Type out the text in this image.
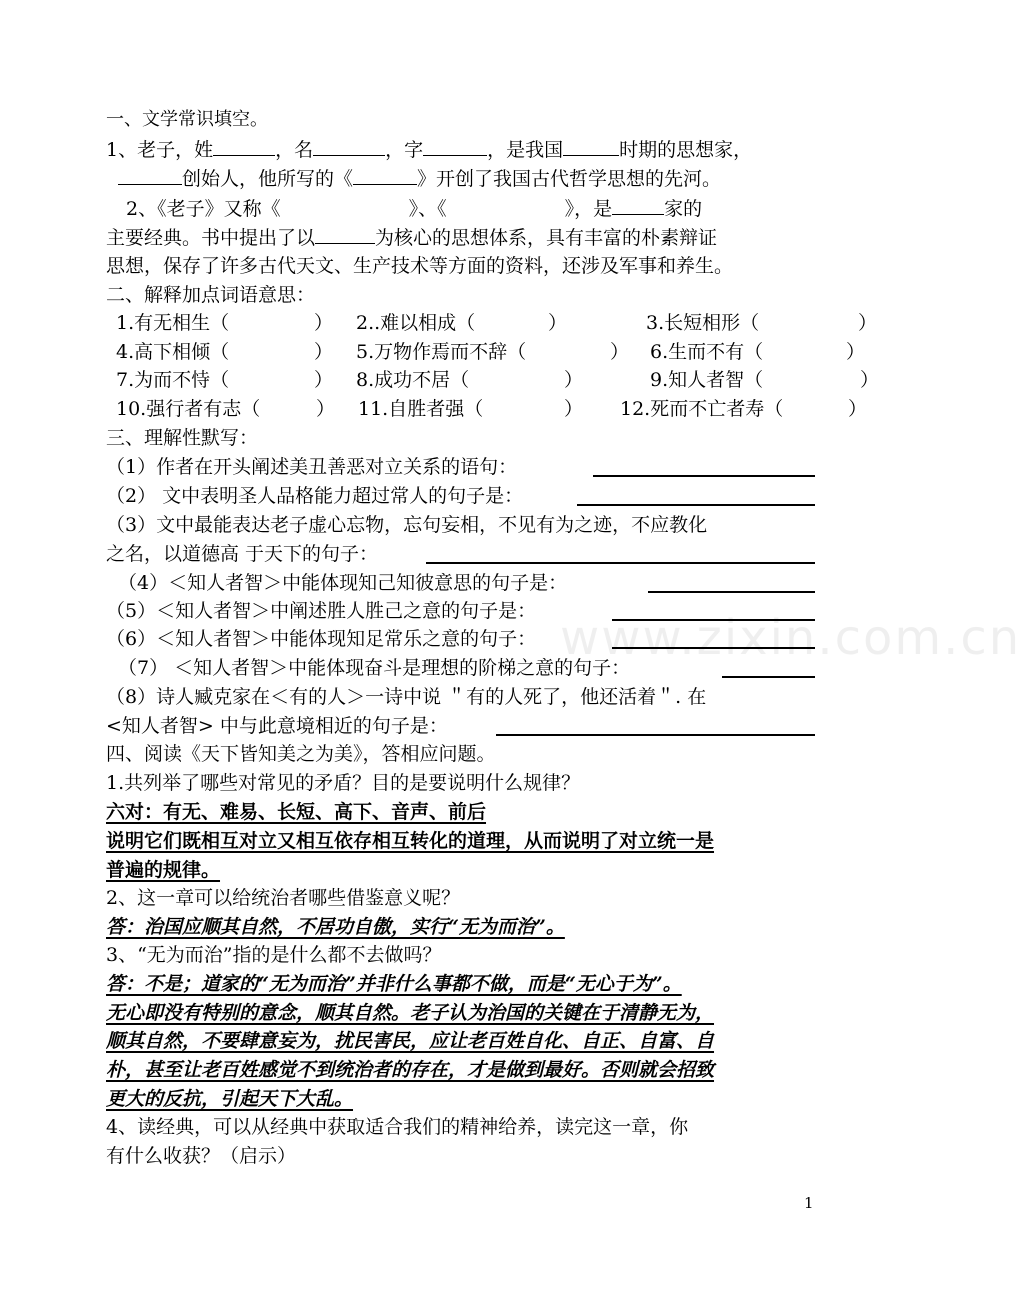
www.zixin.com.cn
一、文学常识填空。
1、老子，姓	，名	，字	，是我国	时期的思想家，
创始人，他所写的《	》开创了我国古代哲学思想的先河。
2、《老子》又称《	》、《	》，是	家的
主要经典。书中提出了以	为核心的思想体系，具有丰富的朴素辩证
思想，保存了许多古代天文、生产技术等方面的资料，还涉及军事和养生。
二、解释加点词语意思：
1.有无相生（	） 2..难以相成（	）	3.长短相形（	）
4.高下相倾（	） 5.万物作焉而不辞（	） 6.生而不有（	）
7.为而不恃（	） 8.成功不居（	）	9.知人者智（	）
10.强行者有志（	） 11.自胜者强（	） 12.死而不亡者寿（	）
三、理解性默写：
（1）作者在开头阐述美丑善恶对立关系的语句：
（2） 文中表明圣人品格能力超过常人的句子是：
（3）文中最能表达老子虚心忘物，忘句妄相，不见有为之迹，不应教化
之名，以道德高 于天下的句子：
（4）＜知人者智＞中能体现知己知彼意思的句子是：
（5）＜知人者智＞中阐述胜人胜己之意的句子是：
（6）＜知人者智＞中能体现知足常乐之意的句子：
（7） ＜知人者智＞中能体现奋斗是理想的阶梯之意的句子：
（8）诗人臧克家在＜有的人＞一诗中说 ＂有的人死了，他还活着＂. 在
<知人者智> 中与此意境相近的句子是：
四、阅读《天下皆知美之为美》，答相应问题。
1.共列举了哪些对常见的矛盾？目的是要说明什么规律？
六对：有无、难易、长短、高下、音声、前后
说明它们既相互对立又相互依存相互转化的道理，从而说明了对立统一是
普遍的规律。
2、这一章可以给统治者哪些借鉴意义呢？
答：治国应顺其自然，不居功自傲，实行“无为而治”。
3、“无为而治”指的是什么都不去做吗？
答：不是；道家的“无为而治”并非什么事都不做，而是“无心于为”。
无心即没有特别的意念，顺其自然。老子认为治国的关键在于清静无为，
顺其自然，不要肆意妄为，扰民害民，应让老百姓自化、自正、自富、自
朴，甚至让老百姓感觉不到统治者的存在，才是做到最好。否则就会招致
更大的反抗，引起天下大乱。
4、读经典，可以从经典中获取适合我们的精神给养，读完这一章，你
有什么收获？（启示）
1
